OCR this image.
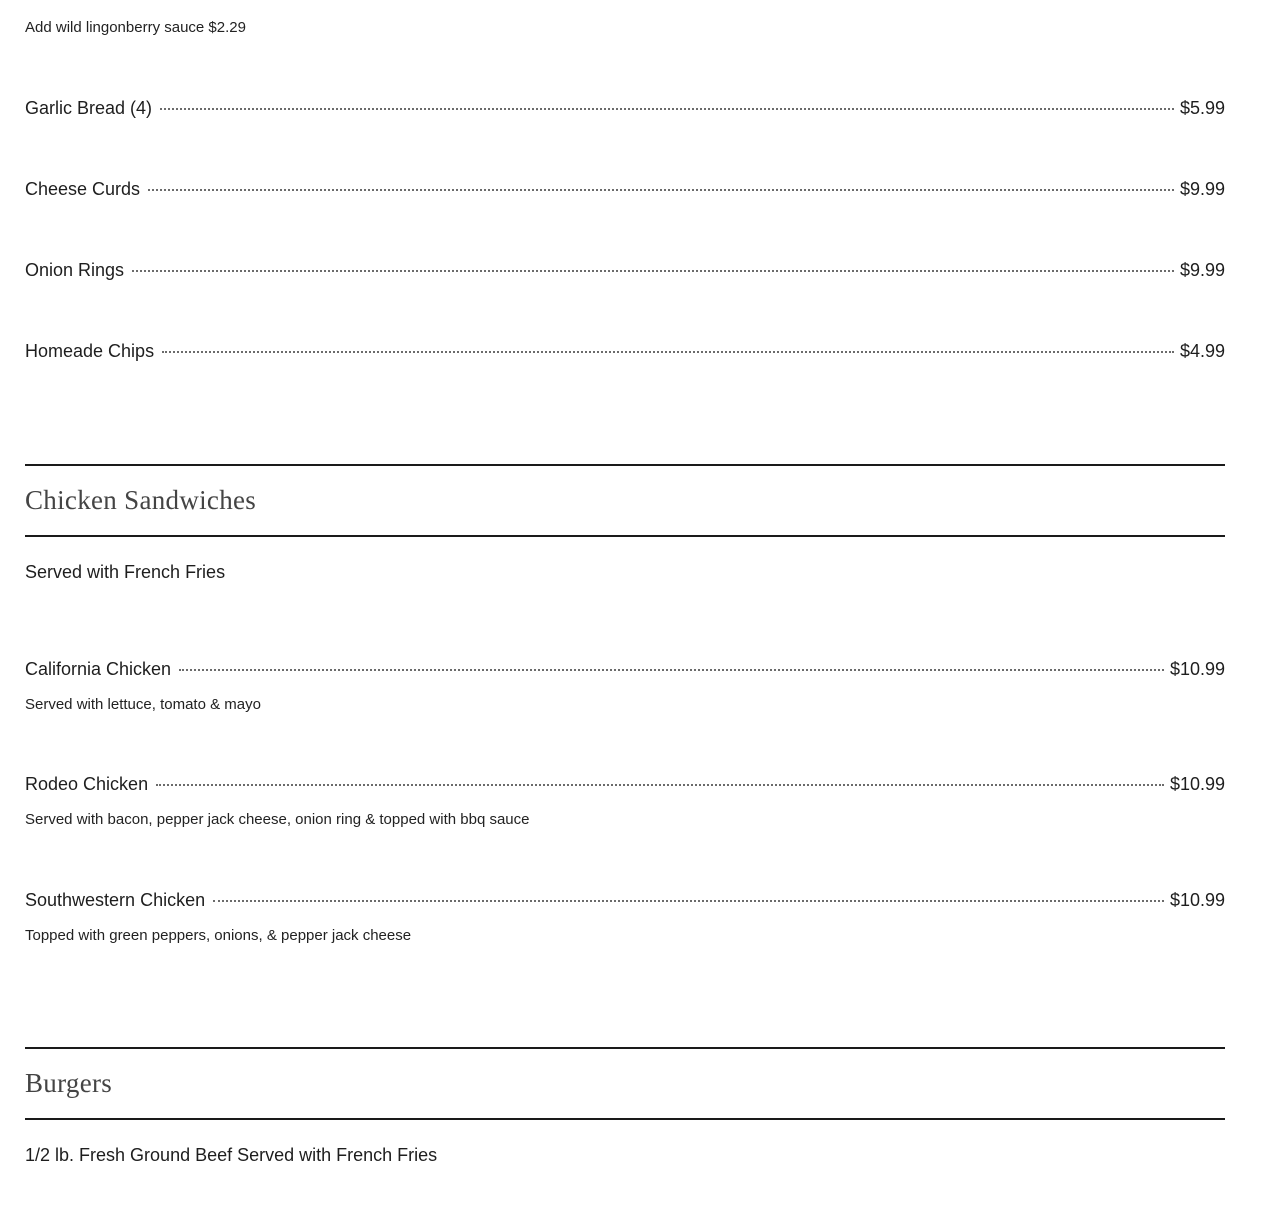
Add wild lingonberry sauce $2.29
Garlic Bread (4)	$5.99
Cheese Curds	$9.99
Onion Rings	$9.99
Homeade Chips	$4.99
Chicken Sandwiches
Served with French Fries
California Chicken	$10.99
Served with lettuce, tomato & mayo
Rodeo Chicken	$10.99
Served with bacon, pepper jack cheese, onion ring & topped with bbq sauce
Southwestern Chicken	$10.99
Topped with green peppers, onions, & pepper jack cheese
Burgers
1/2 lb. Fresh Ground Beef Served with French Fries
